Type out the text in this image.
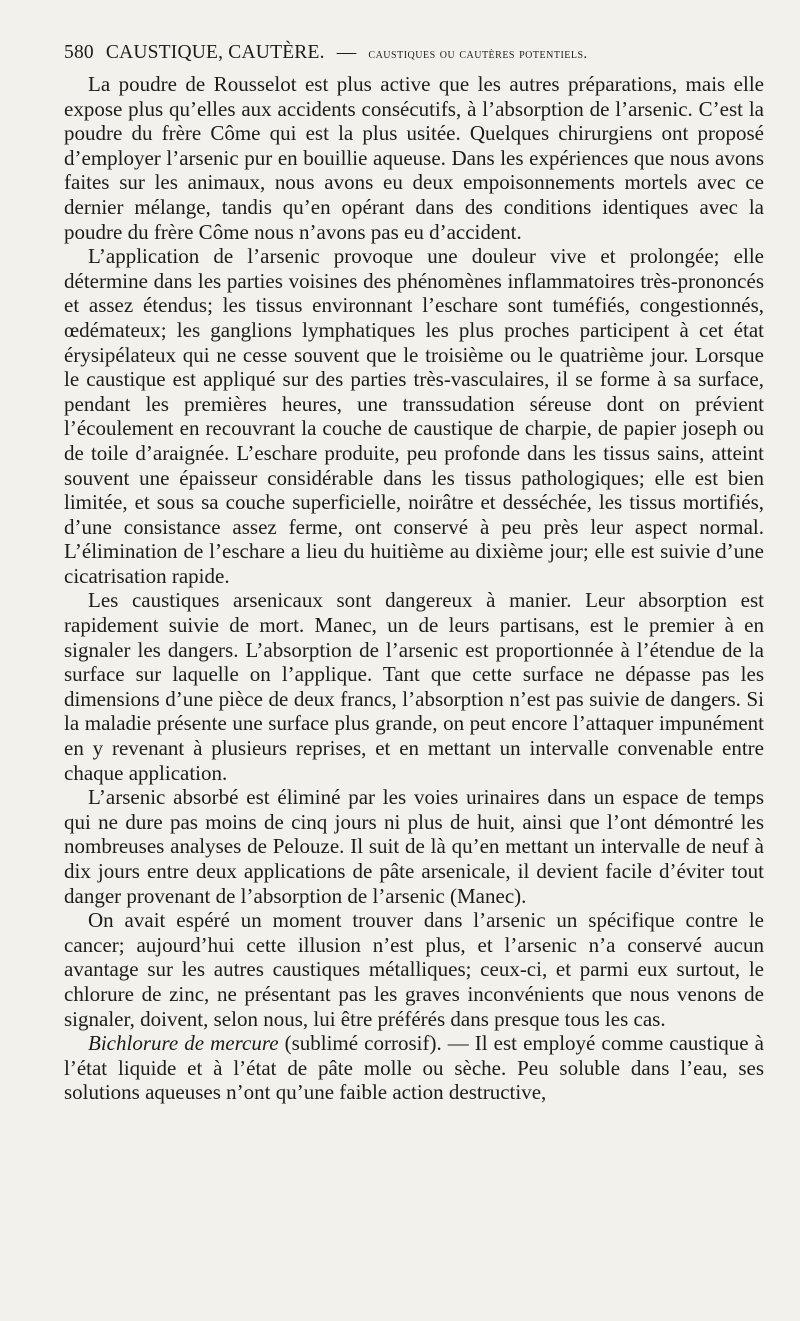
580 CAUSTIQUE, CAUTÈRE. — caustiques ou cautères potentiels.

La poudre de Rousselot est plus active que les autres préparations, mais elle expose plus qu’elles aux accidents consécutifs, à l’absorption de l’arsenic. C’est la poudre du frère Côme qui est la plus usitée. Quelques chirurgiens ont proposé d’employer l’arsenic pur en bouillie aqueuse. Dans les expériences que nous avons faites sur les animaux, nous avons eu deux empoisonnements mortels avec ce dernier mélange, tandis qu’en opérant dans des conditions identiques avec la poudre du frère Côme nous n’avons pas eu d’accident.

L’application de l’arsenic provoque une douleur vive et prolongée; elle détermine dans les parties voisines des phénomènes inflammatoires très-prononcés et assez étendus; les tissus environnant l’eschare sont tuméfiés, congestionnés, œdémateux; les ganglions lymphatiques les plus proches participent à cet état érysipélateux qui ne cesse souvent que le troisième ou le quatrième jour. Lorsque le caustique est appliqué sur des parties très-vasculaires, il se forme à sa surface, pendant les premières heures, une transsudation séreuse dont on prévient l’écoulement en recouvrant la couche de caustique de charpie, de papier joseph ou de toile d’araignée. L’eschare produite, peu profonde dans les tissus sains, atteint souvent une épaisseur considérable dans les tissus pathologiques; elle est bien limitée, et sous sa couche superficielle, noirâtre et desséchée, les tissus mortifiés, d’une consistance assez ferme, ont conservé à peu près leur aspect normal. L’élimination de l’eschare a lieu du huitième au dixième jour; elle est suivie d’une cicatrisation rapide.

Les caustiques arsenicaux sont dangereux à manier. Leur absorption est rapidement suivie de mort. Manec, un de leurs partisans, est le premier à en signaler les dangers. L’absorption de l’arsenic est proportionnée à l’étendue de la surface sur laquelle on l’applique. Tant que cette surface ne dépasse pas les dimensions d’une pièce de deux francs, l’absorption n’est pas suivie de dangers. Si la maladie présente une surface plus grande, on peut encore l’attaquer impunément en y revenant à plusieurs reprises, et en mettant un intervalle convenable entre chaque application.

L’arsenic absorbé est éliminé par les voies urinaires dans un espace de temps qui ne dure pas moins de cinq jours ni plus de huit, ainsi que l’ont démontré les nombreuses analyses de Pelouze. Il suit de là qu’en mettant un intervalle de neuf à dix jours entre deux applications de pâte arsenicale, il devient facile d’éviter tout danger provenant de l’absorption de l’arsenic (Manec).

On avait espéré un moment trouver dans l’arsenic un spécifique contre le cancer; aujourd’hui cette illusion n’est plus, et l’arsenic n’a conservé aucun avantage sur les autres caustiques métalliques; ceux-ci, et parmi eux surtout, le chlorure de zinc, ne présentant pas les graves inconvénients que nous venons de signaler, doivent, selon nous, lui être préférés dans presque tous les cas.

Bichlorure de mercure (sublimé corrosif). — Il est employé comme caustique à l’état liquide et à l’état de pâte molle ou sèche. Peu soluble dans l’eau, ses solutions aqueuses n’ont qu’une faible action destructive,
